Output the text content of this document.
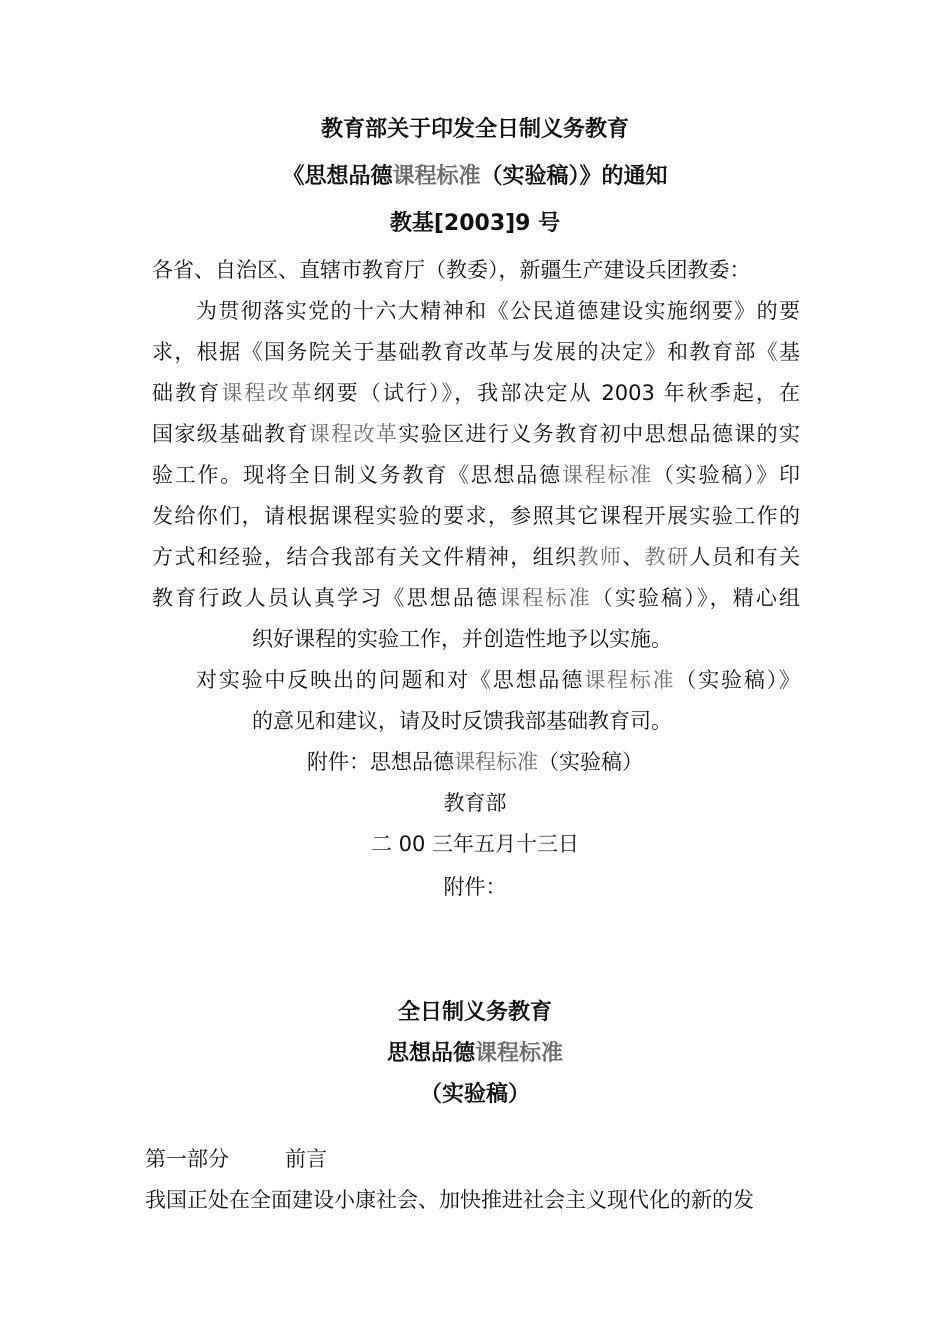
教育部关于印发全日制义务教育
《思想品德课程标准（实验稿）》的通知
教基[2003]9 号
各省、自治区、直辖市教育厅（教委），新疆生产建设兵团教委：
为贯彻落实党的十六大精神和《公民道德建设实施纲要》的要
求，根据《国务院关于基础教育改革与发展的决定》和教育部《基
础教育课程改革纲要（试行）》，我部决定从 2003 年秋季起，在
国家级基础教育课程改革实验区进行义务教育初中思想品德课的实
验工作。现将全日制义务教育《思想品德课程标准（实验稿）》印
发给你们，请根据课程实验的要求，参照其它课程开展实验工作的
方式和经验，结合我部有关文件精神，组织教师、教研人员和有关
教育行政人员认真学习《思想品德课程标准（实验稿）》，精心组
织好课程的实验工作，并创造性地予以实施。
对实验中反映出的问题和对《思想品德课程标准（实验稿）》
的意见和建议，请及时反馈我部基础教育司。
附件：思想品德课程标准（实验稿）
教育部
二 00 三年五月十三日
附件：
全日制义务教育
思想品德课程标准
（实验稿）
第一部分	前言
我国正处在全面建设小康社会、加快推进社会主义现代化的新的发
